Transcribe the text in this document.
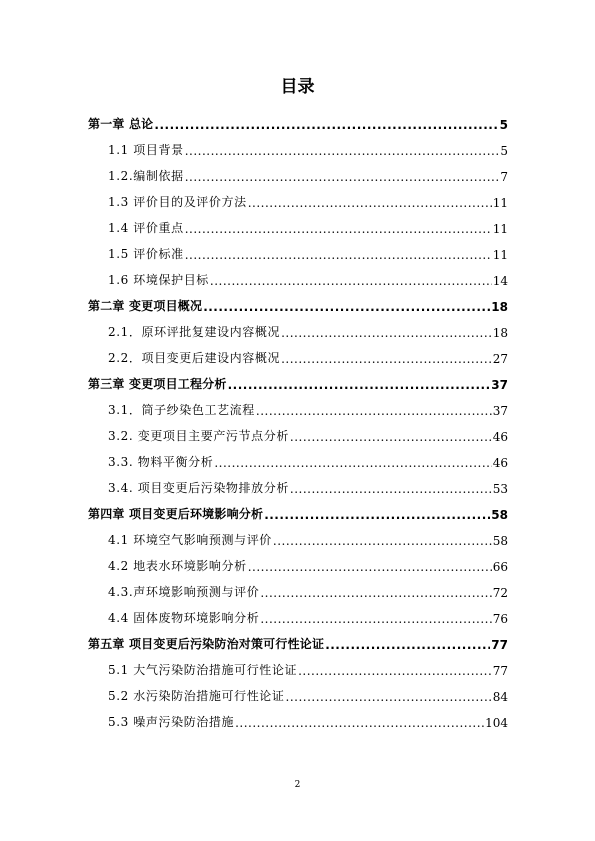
目录
第一章 总论 .....	5
1.1 项目背景 .....	5
1.2.编制依据 .....	7
1.3 评价目的及评价方法 .....	11
1.4 评价重点 .....	11
1.5 评价标准 .....	11
1.6 环境保护目标 .....	14
第二章 变更项目概况 .....	18
2.1．原环评批复建设内容概况 .....	18
2.2．项目变更后建设内容概况 .....	27
第三章 变更项目工程分析 .....	37
3.1．筒子纱染色工艺流程 .....	37
3.2. 变更项目主要产污节点分析 .....	46
3.3. 物料平衡分析 .....	46
3.4. 项目变更后污染物排放分析 .....	53
第四章 项目变更后环境影响分析 .....	58
4.1 环境空气影响预测与评价 .....	58
4.2 地表水环境影响分析 .....	66
4.3.声环境影响预测与评价 .....	72
4.4 固体废物环境影响分析 .....	76
第五章 项目变更后污染防治对策可行性论证 .....	77
5.1 大气污染防治措施可行性论证 .....	77
5.2 水污染防治措施可行性论证 .....	84
5.3 噪声污染防治措施 .....	104
2
